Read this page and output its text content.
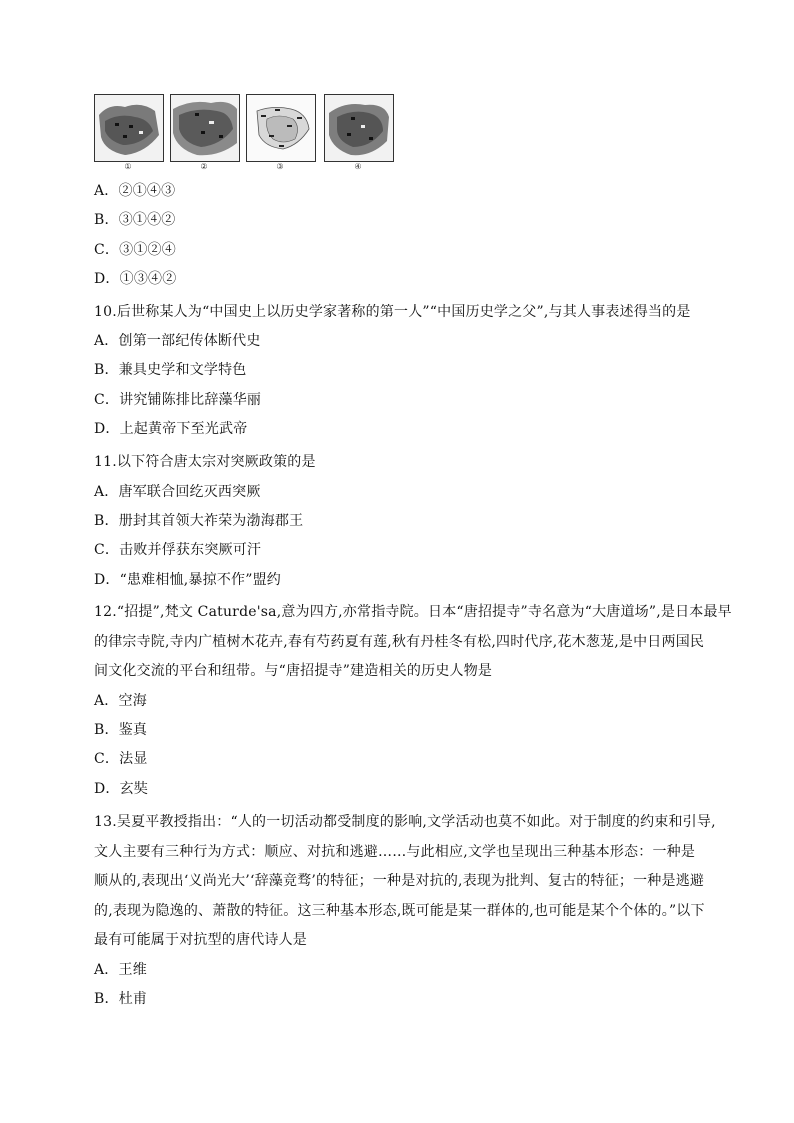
①	②	③	④
A．②①④③
B．③①④②
C．③①②④
D．①③④②
10.后世称某人为“中国史上以历史学家著称的第一人”“中国历史学之父”,与其人事表述得当的是
A．创第一部纪传体断代史
B．兼具史学和文学特色
C．讲究铺陈排比辞藻华丽
D．上起黄帝下至光武帝
11.以下符合唐太宗对突厥政策的是
A．唐军联合回纥灭西突厥
B．册封其首领大祚荣为渤海郡王
C．击败并俘获东突厥可汗
D．“患难相恤,暴掠不作”盟约
12.“招提”,梵文 Caturde'sa,意为四方,亦常指寺院。日本“唐招提寺”寺名意为“大唐道场”,是日本最早
的律宗寺院,寺内广植树木花卉,春有芍药夏有莲,秋有丹桂冬有松,四时代序,花木葱茏,是中日两国民
间文化交流的平台和纽带。与“唐招提寺”建造相关的历史人物是
A．空海
B．鉴真
C．法显
D．玄奘
13.吴夏平教授指出：“人的一切活动都受制度的影响,文学活动也莫不如此。对于制度的约束和引导,
文人主要有三种行为方式：顺应、对抗和逃避……与此相应,文学也呈现出三种基本形态：一种是
顺从的,表现出‘义尚光大’‘辞藻竞骛’的特征；一种是对抗的,表现为批判、复古的特征；一种是逃避
的,表现为隐逸的、萧散的特征。这三种基本形态,既可能是某一群体的,也可能是某个个体的。”以下
最有可能属于对抗型的唐代诗人是
A．王维
B．杜甫
